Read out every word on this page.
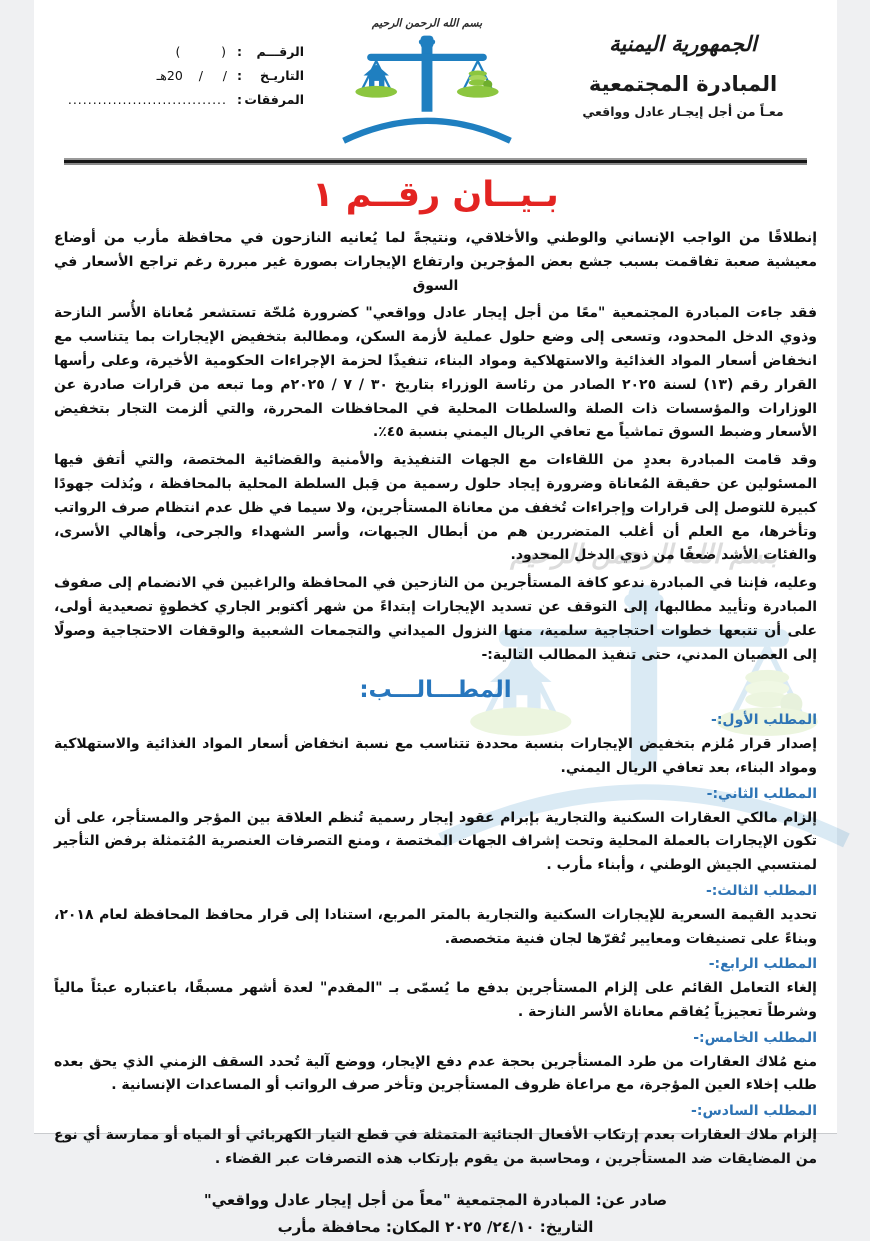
الجمهورية اليمنية
المبادرة المجتمعية
معـاً من أجل إيجـار عادل وواقعي
الرقـــم
:
(        )
التاريـخ
:
/     /    20هـ
المرفقات
:
................................
بـيــان رقــم ١

إنطلاقًا من الواجب الإنساني والوطني والأخلاقي، ونتيجةً لما يُعانيه النازحون في محافظة مأرب من أوضاع معيشية صعبة تفاقمت بسبب جشع بعض المؤجرين وارتفاع الإيجارات بصورة غير مبررة رغم تراجع الأسعار في السوق

فقد جاءت المبادرة المجتمعية "معًا من أجل إيجار عادل وواقعي" كضرورة مُلحّة تستشعر مُعاناة الأُسر النازحة وذوي الدخل المحدود، وتسعى إلى وضع حلول عملية لأزمة السكن، ومطالبة بتخفيض الإيجارات بما يتناسب مع انخفاض أسعار المواد الغذائية والاستهلاكية ومواد البناء، تنفيذًا لحزمة الإجراءات الحكومية الأخيرة، وعلى رأسها القرار رقم (١٣) لسنة ٢٠٢٥ الصادر من رئاسة الوزراء بتاريخ ٣٠ / ٧ / ٢٠٢٥م وما تبعه من قرارات صادرة عن الوزارات والمؤسسات ذات الصلة والسلطات المحلية في المحافظات المحررة، والتي ألزمت التجار بتخفيض الأسعار وضبط السوق تماشياً مع تعافي الريال اليمني بنسبة ٤٥٪.

وقد قامت المبادرة بعددٍ من اللقاءات مع الجهات التنفيذية والأمنية والقضائية المختصة، والتي أتفق فيها المسئولين عن حقيقة المُعاناة وضرورة إيجاد حلول رسمية من قِبل السلطة المحلية بالمحافظة ، وبُذلت جهودًا كبيرة للتوصل إلى قرارات وإجراءات تُخفف من معاناة المستأجرين، ولا سيما في ظل عدم انتظام صرف الرواتب وتأخرها، مع العلم أن أغلب المتضررين هم من أبطال الجبهات، وأسر الشهداء والجرحى، وأهالي الأسرى، والفئات الأشد ضعفًا من ذوي الدخل المحدود.

وعليه، فإننا في المبادرة ندعو كافة المستأجرين من النازحين في المحافظة والراغبين في الانضمام إلى صفوف المبادرة وتأييد مطالبها، إلى التوقف عن تسديد الإيجارات إبتداءً من شهر أكتوبر الجاري كخطوةٍ تصعيدية أولى، على أن تتبعها خطوات احتجاجية سلمية، منها النزول الميداني والتجمعات الشعبية والوقفات الاحتجاجية وصولًا إلى العصيان المدني، حتى تنفيذ المطالب التالية:-

المطـــالـــب:
المطلب الأول:-
إصدار قرار مُلزم بتخفيض الإيجارات بنسبة محددة تتناسب مع نسبة انخفاض أسعار المواد الغذائية والاستهلاكية ومواد البناء، بعد تعافي الريال اليمني.
المطلب الثاني:-
إلزام مالكي العقارات السكنية والتجارية بإبرام عقود إيجار رسمية تُنظم العلاقة بين المؤجر والمستأجر، على أن تكون الإيجارات بالعملة المحلية وتحت إشراف الجهات المختصة ، ومنع التصرفات العنصرية المُتمثلة برفض التأجير لمنتسبي الجيش الوطني ، وأبناء مأرب .
المطلب الثالث:-
تحديد القيمة السعرية للإيجارات السكنية والتجارية بالمتر المربع، استنادا إلى قرار محافظ المحافظة لعام ٢٠١٨، وبناءً على تصنيفات ومعايير تُقرّها لجان فنية متخصصة.
المطلب الرابع:-
إلغاء التعامل القائم على إلزام المستأجرين بدفع ما يُسمّى بـ "المقدم" لعدة أشهر مسبقًا، باعتباره عبئاً مالياً وشرطاً تعجيزياً يُفاقم معاناة الأسر النازحة .
المطلب الخامس:-
منع مُلاك العقارات من طرد المستأجرين بحجة عدم دفع الإيجار، ووضع آلية تُحدد السقف الزمني الذي يحق بعده طلب إخلاء العين المؤجرة، مع مراعاة ظروف المستأجرين وتأخر صرف الرواتب أو المساعدات الإنسانية .
المطلب السادس:-
إلزام ملاك العقارات بعدم إرتكاب الأفعال الجنائية المتمثلة في قطع التيار الكهربائي أو المياه أو ممارسة أي نوع من المضايقات ضد المستأجرين ، ومحاسبة من يقوم بإرتكاب هذه التصرفات عبر القضاء .
صادر عن: المبادرة المجتمعية "معاً من أجل إيجار عادل وواقعي"
التاريخ: ٢٤/١٠/ ٢٠٢٥ المكان: محافظة مأرب
